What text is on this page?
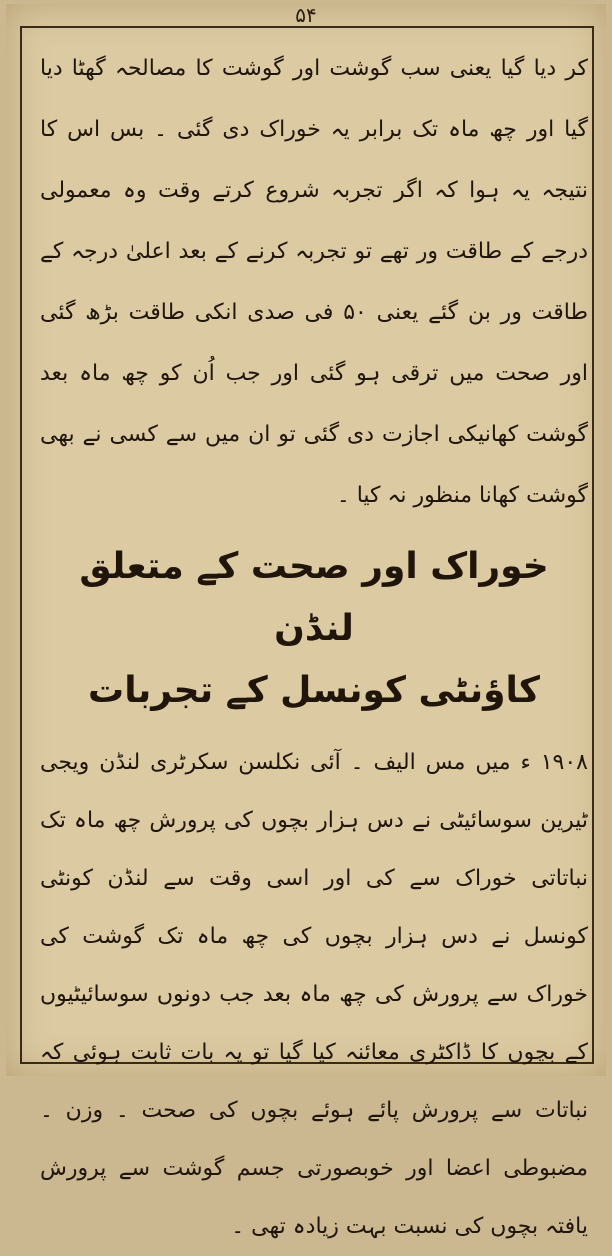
۵۴

کر دیا گیا یعنی سب گوشت اور گوشت کا مصالحہ گھٹا دیا گیا اور چھ ماہ تک برابر یہ خوراک دی گئی ۔ بس اس کا نتیجہ یہ ہوا کہ اگر تجربہ شروع کرتے وقت وہ معمولی درجے کے طاقت ور تھے تو تجربہ کرنے کے بعد اعلیٰ درجہ کے طاقت ور بن گئے یعنی ۵۰ فی صدی انکی طاقت بڑھ گئی اور صحت میں ترقی ہو گئی اور جب اُن کو چھ ماہ بعد گوشت کھانیکی اجازت دی گئی تو ان میں سے کسی نے بھی گوشت کھانا منظور نہ کیا ۔

خوراک اور صحت کے متعلق لنڈن
کاؤنٹی کونسل کے تجربات

۱۹۰۸ ء میں مس الیف ۔ آئی نکلسن سکرٹری لنڈن ویجی ٹیرین سوسائیٹی نے دس ہزار بچوں کی پرورش چھ ماہ تک نباتاتی خوراک سے کی اور اسی وقت سے لنڈن کونٹی کونسل نے دس ہزار بچوں کی چھ ماہ تک گوشت کی خوراک سے پرورش کی چھ ماہ بعد جب دونوں سوسائیٹیوں کے بچوں کا ڈاکٹری معائنہ کیا گیا تو یہ بات ثابت ہوئی کہ نباتات سے پرورش پائے ہوئے بچوں کی صحت ۔ وزن ۔ مضبوطی اعضا اور خوبصورتی جسم گوشت سے پرورش یافتہ بچوں کی نسبت بہت زیادہ تھی ۔
